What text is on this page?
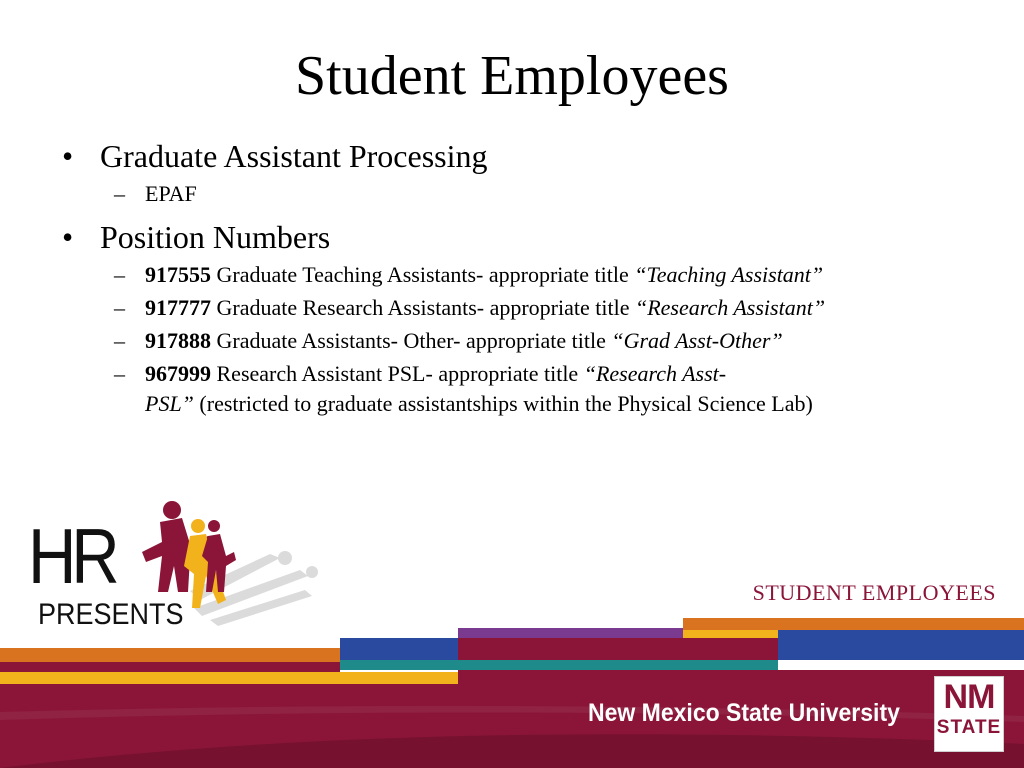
Student Employees
• Graduate Assistant Processing
– EPAF
• Position Numbers
– 917555 Graduate Teaching Assistants- appropriate title “Teaching Assistant”
– 917777 Graduate Research Assistants- appropriate title “Research Assistant”
– 917888 Graduate Assistants- Other- appropriate title “Grad Asst-Other”
– 967999 Research Assistant PSL- appropriate title “Research Asst-
PSL” (restricted to graduate assistantships within the Physical Science Lab)
HR
PRESENTS
STUDENT EMPLOYEES
New Mexico State University NM
STATE
